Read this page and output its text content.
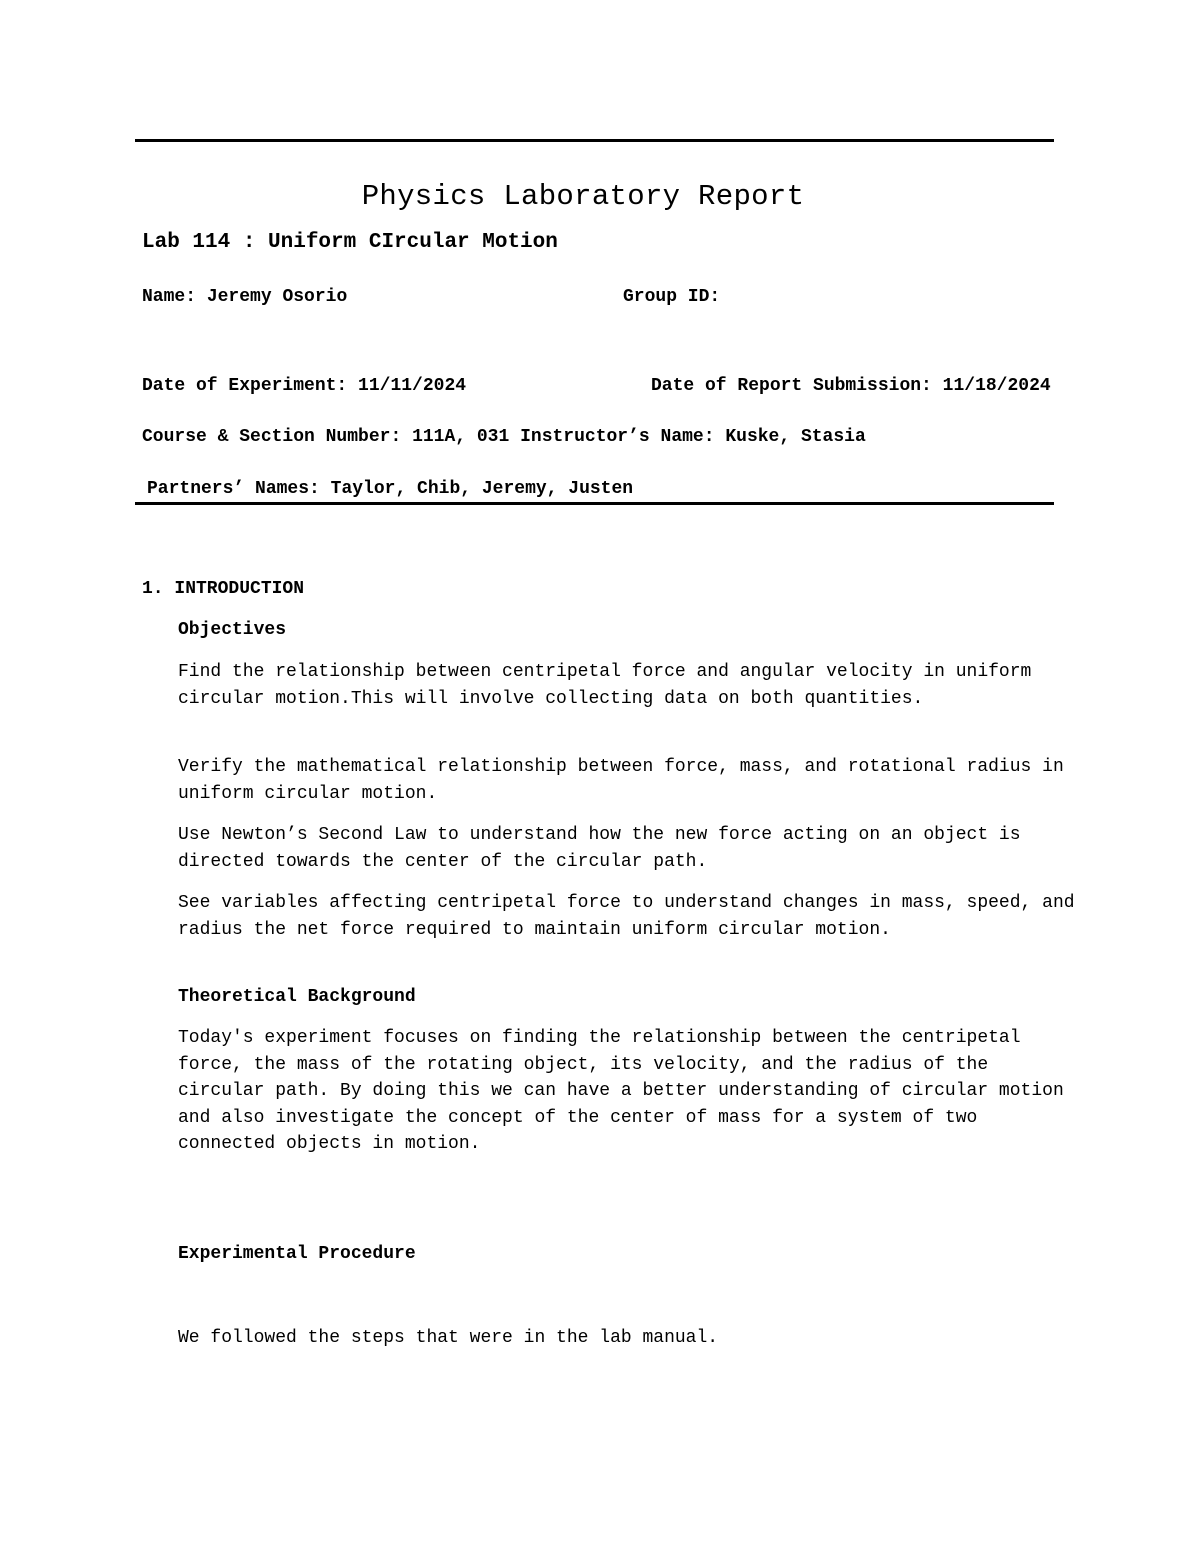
Physics Laboratory Report
Lab 114 : Uniform CIrcular Motion
Name: Jeremy Osorio	Group ID:
Date of Experiment: 11/11/2024	Date of Report Submission: 11/18/2024
Course & Section Number: 111A, 031 Instructor’s Name: Kuske, Stasia
Partners’ Names: Taylor, Chib, Jeremy, Justen
1. INTRODUCTION
Objectives

Find the relationship between centripetal force and angular velocity in uniform circular motion.This will involve collecting data on both quantities.

Verify the mathematical relationship between force, mass, and rotational radius in uniform circular motion.

Use Newton’s Second Law to understand how the new force acting on an object is directed towards the center of the circular path.

See variables affecting centripetal force to understand changes in mass, speed, and radius the net force required to maintain uniform circular motion.

Theoretical Background

Today's experiment focuses on finding the relationship between the centripetal force, the mass of the rotating object, its velocity, and the radius of the circular path. By doing this we can have a better understanding of circular motion and also investigate the concept of the center of mass for a system of two connected objects in motion.

Experimental Procedure

We followed the steps that were in the lab manual.
